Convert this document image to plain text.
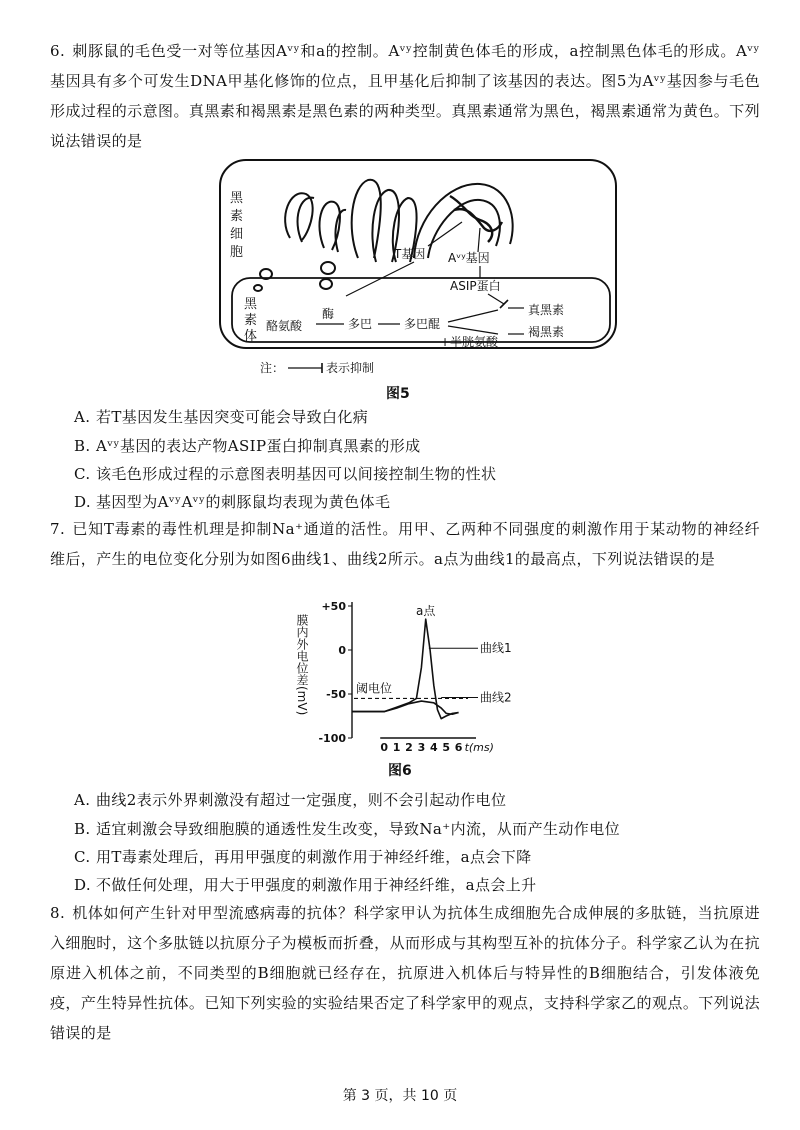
6. 刺豚鼠的毛色受一对等位基因Aᵛʸ和a的控制。Aᵛʸ控制黄色体毛的形成，a控制黑色体毛的形成。Aᵛʸ基因具有多个可发生DNA甲基化修饰的位点，且甲基化后抑制了该基因的表达。图5为Aᵛʸ基因参与毛色形成过程的示意图。真黑素和褐黑素是黑色素的两种类型。真黑素通常为黑色，褐黑素通常为黄色。下列说法错误的是

黑
素
细
胞	T基因 Aᵛʸ基因
黑
素
体
ASIP蛋白
酪氨酸
酶
多巴	多巴醌
+半胱氨酸
真黑素
褐黑素
注：	表示抑制
图5
A. 若T基因发生基因突变可能会导致白化病
B. Aᵛʸ基因的表达产物ASIP蛋白抑制真黑素的形成
C. 该毛色形成过程的示意图表明基因可以间接控制生物的性状
D. 基因型为AᵛʸAᵛʸ的刺豚鼠均表现为黄色体毛

7. 已知T毒素的毒性机理是抑制Na⁺通道的活性。用甲、乙两种不同强度的刺激作用于某动物的神经纤维后，产生的电位变化分别为如图6曲线1、曲线2所示。a点为曲线1的最高点，下列说法错误的是

膜内外电位差(mV)
+50
0
-50
-100
0 1 2 3 4 5 6 t(ms)
阈电位
a点
曲线1
曲线2
图6
A. 曲线2表示外界刺激没有超过一定强度，则不会引起动作电位
B. 适宜刺激会导致细胞膜的通透性发生改变，导致Na⁺内流，从而产生动作电位
C. 用T毒素处理后，再用甲强度的刺激作用于神经纤维，a点会下降
D. 不做任何处理，用大于甲强度的刺激作用于神经纤维，a点会上升

8. 机体如何产生针对甲型流感病毒的抗体？科学家甲认为抗体生成细胞先合成伸展的多肽链，当抗原进入细胞时，这个多肽链以抗原分子为模板而折叠，从而形成与其构型互补的抗体分子。科学家乙认为在抗原进入机体之前，不同类型的B细胞就已经存在，抗原进入机体后与特异性的B细胞结合，引发体液免疫，产生特异性抗体。已知下列实验的实验结果否定了科学家甲的观点，支持科学家乙的观点。下列说法错误的是

第 3 页，共 10 页
